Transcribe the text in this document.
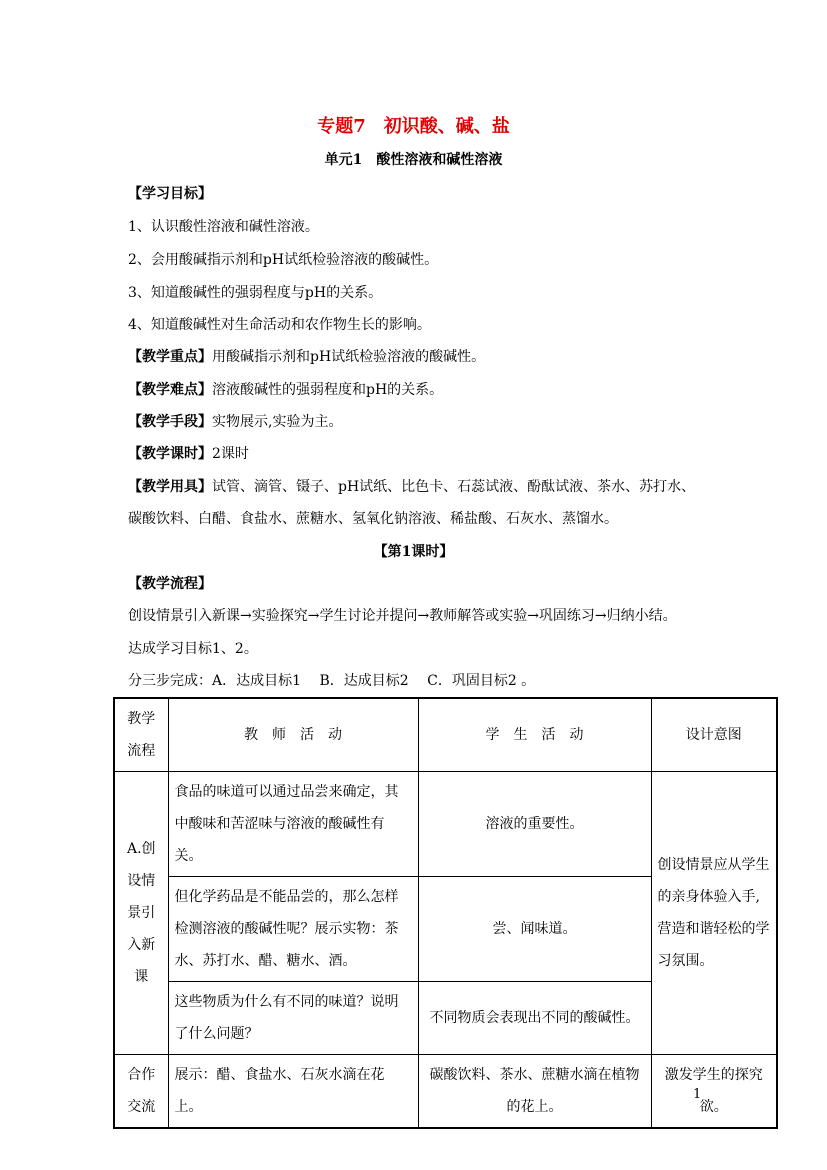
专题7　初识酸、碱、盐
单元1　酸性溶液和碱性溶液
【学习目标】
1、认识酸性溶液和碱性溶液。
2、会用酸碱指示剂和pH试纸检验溶液的酸碱性。
3、知道酸碱性的强弱程度与pH的关系。
4、知道酸碱性对生命活动和农作物生长的影响。
【教学重点】用酸碱指示剂和pH试纸检验溶液的酸碱性。
【教学难点】溶液酸碱性的强弱程度和pH的关系。
【教学手段】实物展示,实验为主。
【教学课时】2课时
【教学用具】试管、滴管、镊子、pH试纸、比色卡、石蕊试液、酚酞试液、茶水、苏打水、
碳酸饮料、白醋、食盐水、蔗糖水、氢氧化钠溶液、稀盐酸、石灰水、蒸馏水。
【第1课时】
【教学流程】
创设情景引入新课→实验探究→学生讨论并提问→教师解答或实验→巩固练习→归纳小结。
达成学习目标1、2。
分三步完成：A．达成目标1　 B．达成目标2　 C．巩固目标2 。
教学流程	教　师　活　动	学　生　活　动	设计意图
A.创设情景引入新课	食品的味道可以通过品尝来确定，其中酸味和苦涩味与溶液的酸碱性有关。	溶液的重要性。	创设情景应从学生的亲身体验入手,营造和谐轻松的学习氛围。
	但化学药品是不能品尝的，那么怎样检测溶液的酸碱性呢？展示实物：茶水、苏打水、醋、糖水、酒。	尝、闻味道。	
	这些物质为什么有不同的味道？说明了什么问题？	不同物质会表现出不同的酸碱性。	
合作交流	展示：醋、食盐水、石灰水滴在花上。	碳酸饮料、茶水、蔗糖水滴在植物的花上。	激发学生的探究欲。
1
